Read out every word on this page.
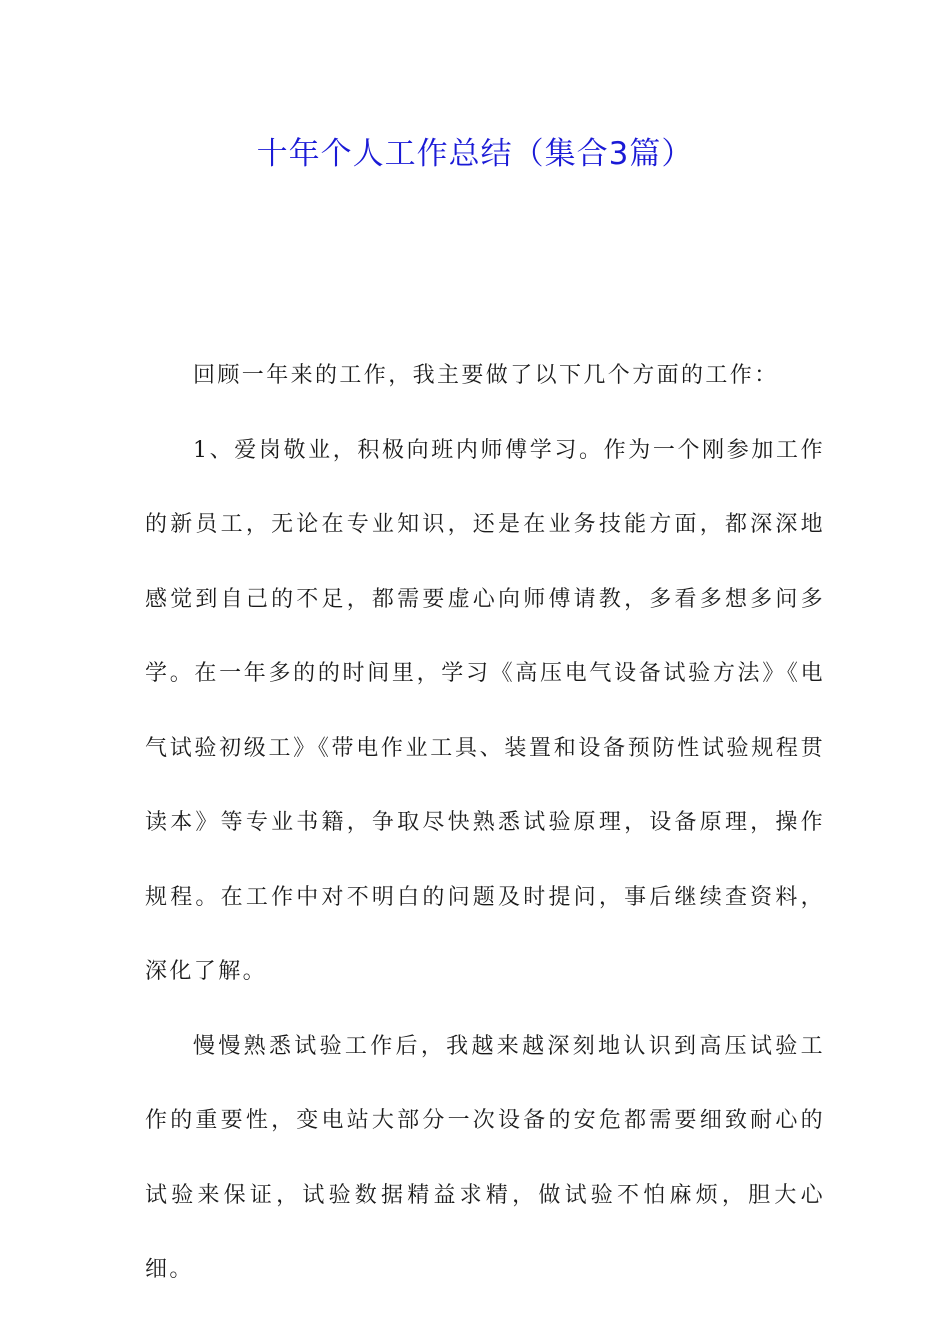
十年个人工作总结（集合3篇）

回顾一年来的工作，我主要做了以下几个方面的工作：

1、爱岗敬业，积极向班内师傅学习。作为一个刚参加工作的新员工，无论在专业知识，还是在业务技能方面，都深深地感觉到自己的不足，都需要虚心向师傅请教，多看多想多问多学。在一年多的的时间里，学习《高压电气设备试验方法》《电气试验初级工》《带电作业工具、装置和设备预防性试验规程贯读本》等专业书籍，争取尽快熟悉试验原理，设备原理，操作规程。在工作中对不明白的问题及时提问，事后继续查资料，深化了解。

慢慢熟悉试验工作后，我越来越深刻地认识到高压试验工作的重要性，变电站大部分一次设备的安危都需要细致耐心的试验来保证，试验数据精益求精，做试验不怕麻烦，胆大心细。
